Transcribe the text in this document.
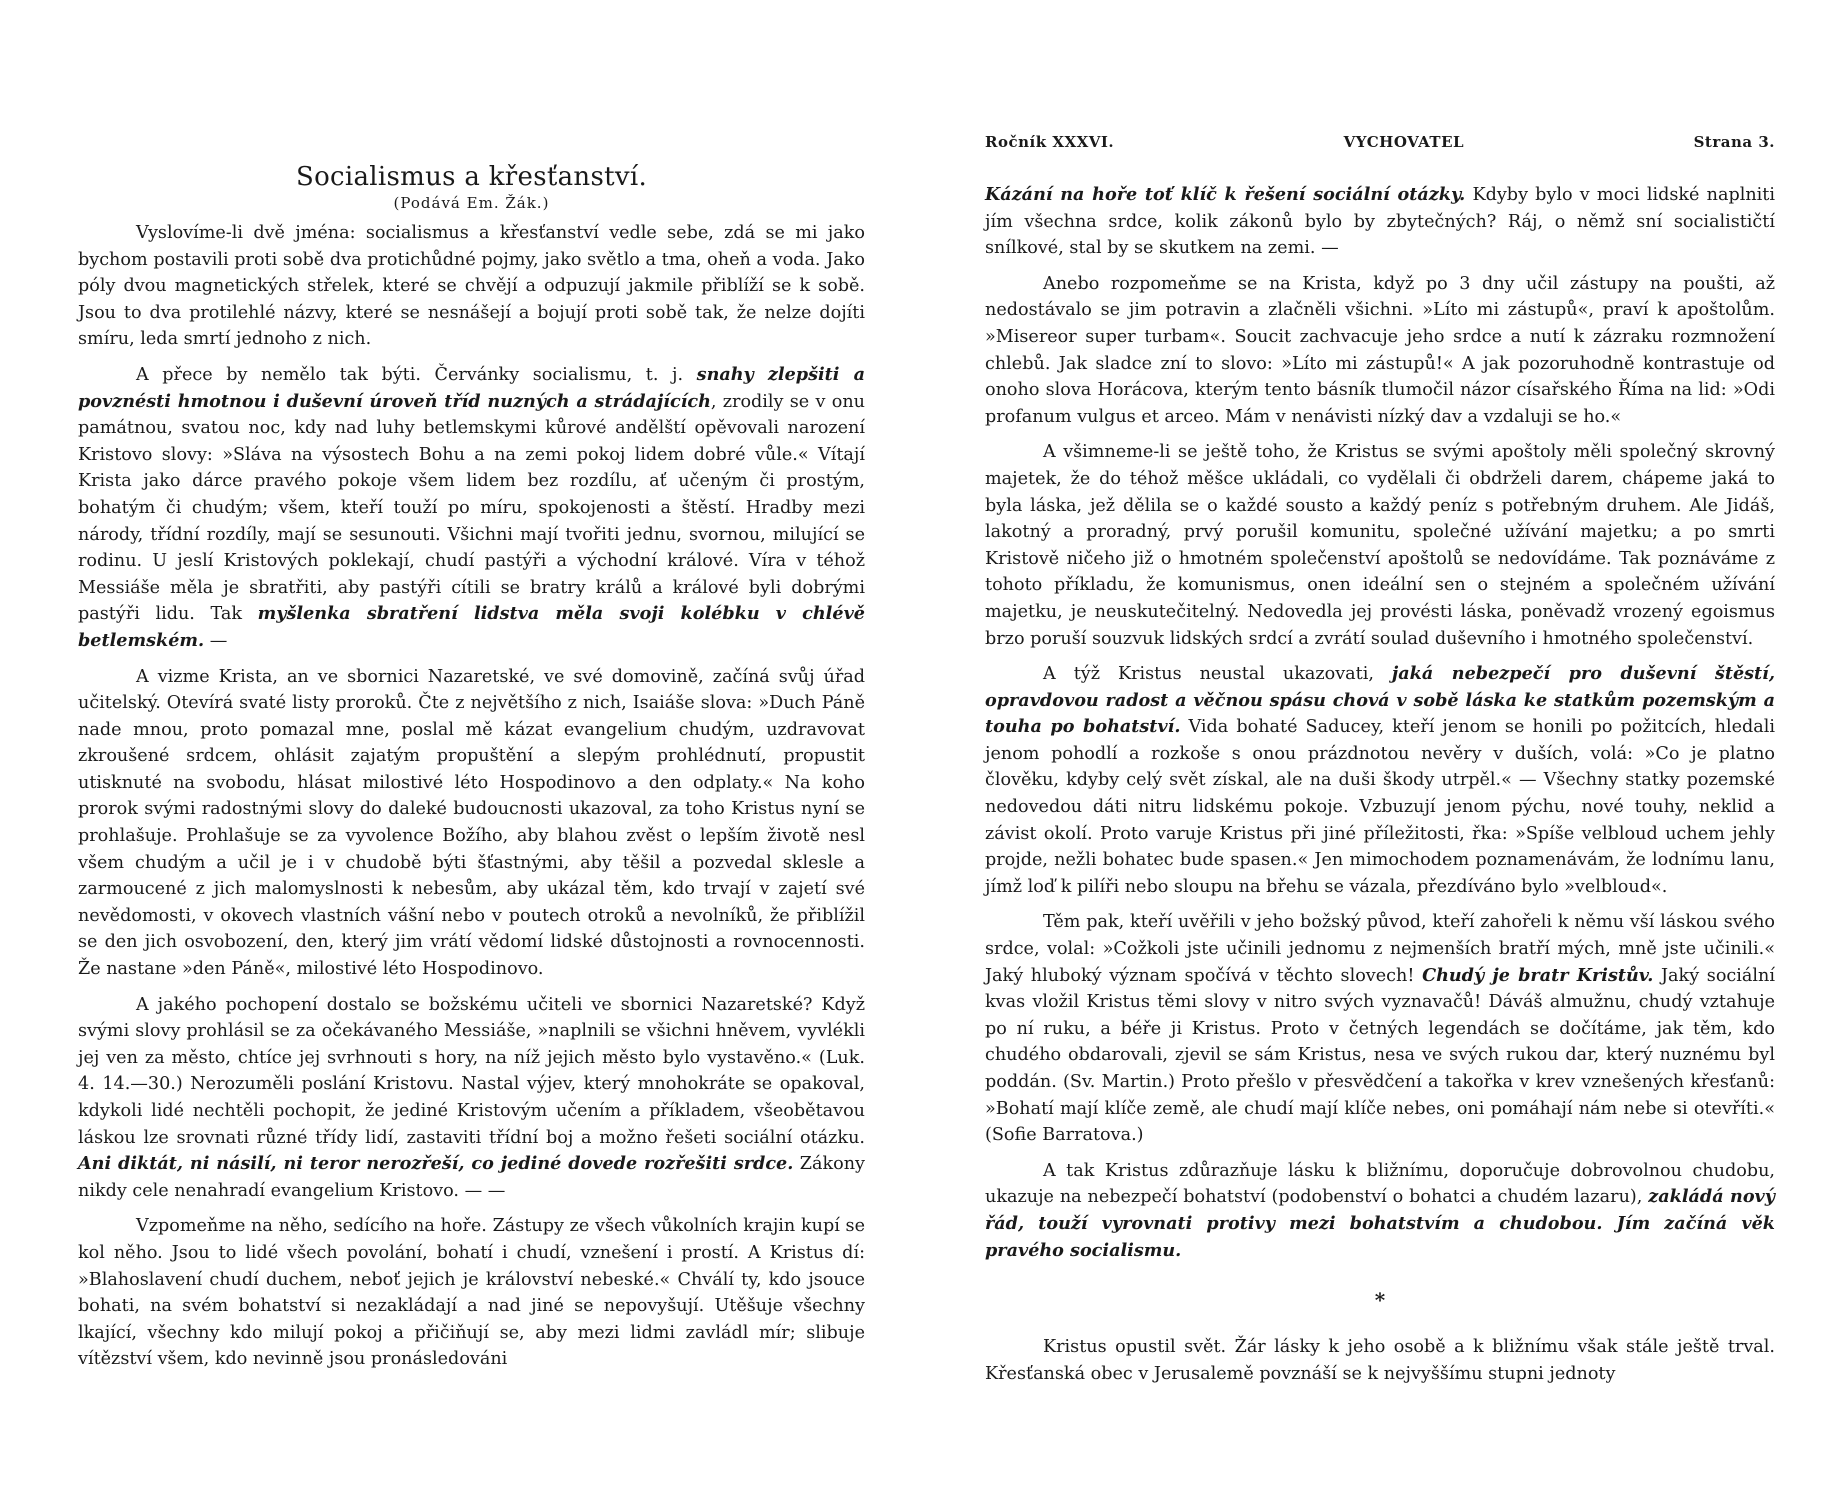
Socialismus a křesťanství.
(Podává Em. Žák.)

Vyslovíme-li dvě jména: socialismus a křesťanství vedle sebe, zdá se mi jako bychom postavili proti sobě dva protichůdné pojmy, jako světlo a tma, oheň a voda. Jako póly dvou magnetických střelek, které se chvějí a odpuzují jakmile přiblíží se k sobě. Jsou to dva protilehlé názvy, které se nesnášejí a bojují proti sobě tak, že nelze dojíti smíru, leda smrtí jednoho z nich.

A přece by nemělo tak býti. Červánky socialismu, t. j. snahy zlepšiti a povznésti hmotnou i duševní úroveň tříd nuzných a strádajících, zrodily se v onu památnou, svatou noc, kdy nad luhy betlemskymi kůrové andělští opěvovali narození Kristovo slovy: »Sláva na výsostech Bohu a na zemi pokoj lidem dobré vůle.« Vítají Krista jako dárce pravého pokoje všem lidem bez rozdílu, ať učeným či prostým, bohatým či chudým; všem, kteří touží po míru, spokojenosti a štěstí. Hradby mezi národy, třídní rozdíly, mají se sesunouti. Všichni mají tvořiti jednu, svornou, milující se rodinu. U jeslí Kristových poklekají, chudí pastýři a východní králové. Víra v téhož Messiáše měla je sbratřiti, aby pastýři cítili se bratry králů a králové byli dobrými pastýři lidu. Tak myšlenka sbratření lidstva měla svoji kolébku v chlévě betlemském. —

A vizme Krista, an ve sbornici Nazaretské, ve své domovině, začíná svůj úřad učitelský. Otevírá svaté listy proroků. Čte z největšího z nich, Isaiáše slova: »Duch Páně nade mnou, proto pomazal mne, poslal mě kázat evangelium chudým, uzdravovat zkroušené srdcem, ohlásit zajatým propuštění a slepým prohlédnutí, propustit utisknuté na svobodu, hlásat milostivé léto Hospodinovo a den odplaty.« Na koho prorok svými radostnými slovy do daleké budoucnosti ukazoval, za toho Kristus nyní se prohlašuje. Prohlašuje se za vyvolence Božího, aby blahou zvěst o lepším životě nesl všem chudým a učil je i v chudobě býti šťastnými, aby těšil a pozvedal sklesle a zarmoucené z jich malomyslnosti k nebesům, aby ukázal těm, kdo trvají v zajetí své nevědomosti, v okovech vlastních vášní nebo v poutech otroků a nevolníků, že přiblížil se den jich osvobození, den, který jim vrátí vědomí lidské důstojnosti a rovnocennosti. Že nastane »den Páně«, milostivé léto Hospodinovo.

A jakého pochopení dostalo se božskému učiteli ve sbornici Nazaretské? Když svými slovy prohlásil se za očekávaného Messiáše, »naplnili se všichni hněvem, vyvlékli jej ven za město, chtíce jej svrhnouti s hory, na níž jejich město bylo vystavěno.« (Luk. 4. 14.—30.) Nerozuměli poslání Kristovu. Nastal výjev, který mnohokráte se opakoval, kdykoli lidé nechtěli pochopit, že jediné Kristovým učením a příkladem, všeobětavou láskou lze srovnati různé třídy lidí, zastaviti třídní boj a možno řešeti sociální otázku. Ani diktát, ni násilí, ni teror nerozřeší, co jediné dovede rozřešiti srdce. Zákony nikdy cele nenahradí evangelium Kristovo. — —

Vzpomeňme na něho, sedícího na hoře. Zástupy ze všech vůkolních krajin kupí se kol něho. Jsou to lidé všech povolání, bohatí i chudí, vznešení i prostí. A Kristus dí: »Blahoslavení chudí duchem, neboť jejich je království nebeské.« Chválí ty, kdo jsouce bohati, na svém bohatství si nezakládají a nad jiné se nepovyšují. Utěšuje všechny lkající, všechny kdo milují pokoj a přičiňují se, aby mezi lidmi zavládl mír; slibuje vítězství všem, kdo nevinně jsou pronásledováni

Ročník XXXVI.	VYCHOVATEL	Strana 3.

Kázání na hoře toť klíč k řešení sociální otázky. Kdyby bylo v moci lidské naplniti jím všechna srdce, kolik zákonů bylo by zbytečných? Ráj, o němž sní socialističtí snílkové, stal by se skutkem na zemi. —

Anebo rozpomeňme se na Krista, když po 3 dny učil zástupy na poušti, až nedostávalo se jim potravin a zlačněli všichni. »Líto mi zástupů«, praví k apoštolům. »Misereor super turbam«. Soucit zachvacuje jeho srdce a nutí k zázraku rozmnožení chlebů. Jak sladce zní to slovo: »Líto mi zástupů!« A jak pozoruhodně kontrastuje od onoho slova Horácova, kterým tento básník tlumočil názor císařského Říma na lid: »Odi profanum vulgus et arceo. Mám v nenávisti nízký dav a vzdaluji se ho.«

A všimneme-li se ještě toho, že Kristus se svými apoštoly měli společný skrovný majetek, že do téhož měšce ukládali, co vydělali či obdrželi darem, chápeme jaká to byla láska, jež dělila se o každé sousto a každý peníz s potřebným druhem. Ale Jidáš, lakotný a proradný, prvý porušil komunitu, společné užívání majetku; a po smrti Kristově ničeho již o hmotném společenství apoštolů se nedovídáme. Tak poznáváme z tohoto příkladu, že komunismus, onen ideální sen o stejném a společném užívání majetku, je neuskutečitelný. Nedovedla jej provésti láska, poněvadž vrozený egoismus brzo poruší souzvuk lidských srdcí a zvrátí soulad duševního i hmotného společenství.

A týž Kristus neustal ukazovati, jaká nebezpečí pro duševní štěstí, opravdovou radost a věčnou spásu chová v sobě láska ke statkům pozemským a touha po bohatství. Vida bohaté Saducey, kteří jenom se honili po požitcích, hledali jenom pohodlí a rozkoše s onou prázdnotou nevěry v duších, volá: »Co je platno člověku, kdyby celý svět získal, ale na duši škody utrpěl.« — Všechny statky pozemské nedovedou dáti nitru lidskému pokoje. Vzbuzují jenom pýchu, nové touhy, neklid a závist okolí. Proto varuje Kristus při jiné příležitosti, řka: »Spíše velbloud uchem jehly projde, nežli bohatec bude spasen.« Jen mimochodem poznamenávám, že lodnímu lanu, jímž loď k pilíři nebo sloupu na břehu se vázala, přezdíváno bylo »velbloud«.

Těm pak, kteří uvěřili v jeho božský původ, kteří zahořeli k němu vší láskou svého srdce, volal: »Cožkoli jste učinili jednomu z nejmenších bratří mých, mně jste učinili.« Jaký hluboký význam spočívá v těchto slovech! Chudý je bratr Kristův. Jaký sociální kvas vložil Kristus těmi slovy v nitro svých vyznavačů! Dáváš almužnu, chudý vztahuje po ní ruku, a béře ji Kristus. Proto v četných legendách se dočítáme, jak těm, kdo chudého obdarovali, zjevil se sám Kristus, nesa ve svých rukou dar, který nuznému byl poddán. (Sv. Martin.) Proto přešlo v přesvědčení a takořka v krev vznešených křesťanů: »Bohatí mají klíče země, ale chudí mají klíče nebes, oni pomáhají nám nebe si otevříti.« (Sofie Barratova.)

A tak Kristus zdůrazňuje lásku k bližnímu, doporučuje dobrovolnou chudobu, ukazuje na nebezpečí bohatství (podobenství o bohatci a chudém lazaru), zakládá nový řád, touží vyrovnati protivy mezi bohatstvím a chudobou. Jím začíná věk pravého socialismu.

*

Kristus opustil svět. Žár lásky k jeho osobě a k bližnímu však stále ještě trval. Křesťanská obec v Jerusalemě povznáší se k nejvyššímu stupni jednoty
